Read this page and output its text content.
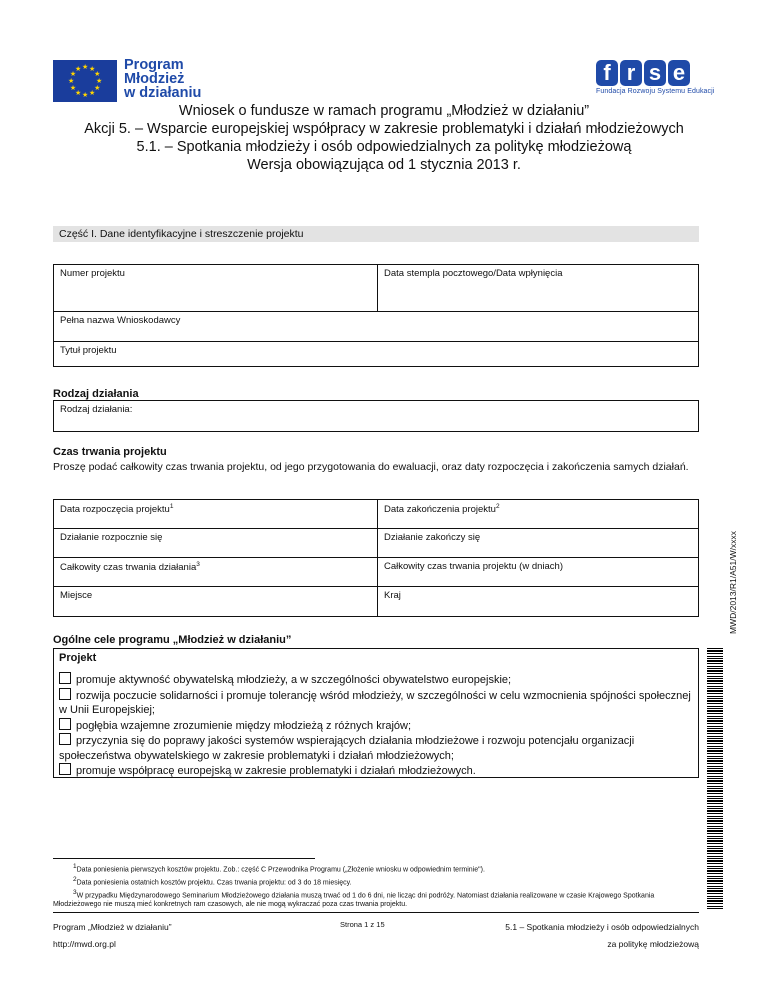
★
★
★
★
★
★
★
★
★ ★ ★
★
Program
Młodzież
w działaniu
f r s e
Fundacja Rozwoju Systemu Edukacji
Wniosek o fundusze w ramach programu „Młodzież w działaniu”
Akcji 5. – Wsparcie europejskiej współpracy w zakresie problematyki i działań młodzieżowych
5.1. – Spotkania młodzieży i osób odpowiedzialnych za politykę młodzieżową
Wersja obowiązująca od 1 stycznia 2013 r.
Część I. Dane identyfikacyjne i streszczenie projektu
Numer projektu	Data stempla pocztowego/Data wpłynięcia
Pełna nazwa Wnioskodawcy
Tytuł projektu
Rodzaj działania
Rodzaj działania:
Czas trwania projektu
Proszę podać całkowity czas trwania projektu, od jego przygotowania do ewaluacji, oraz daty rozpoczęcia i zakończenia samych działań.
Data rozpoczęcia projektu$^1$	Data zakończenia projektu$^2$
Działanie rozpocznie się	Działanie zakończy się
Całkowity czas trwania działania$^3$	Całkowity czas trwania projektu (w dniach)
Miejsce	Kraj
Ogólne cele programu „Młodzież w działaniu”
Projekt
promuje aktywność obywatelską młodzieży, a w szczególności obywatelstwo europejskie;
rozwija poczucie solidarności i promuje tolerancję wśród młodzieży, w szczególności w celu wzmocnienia spójności społecznej w Unii Europejskiej;
pogłębia wzajemne zrozumienie między młodzieżą z różnych krajów;
przyczynia się do poprawy jakości systemów wspierających działania młodzieżowe i rozwoju potencjału organizacji społeczeństwa obywatelskiego w zakresie problematyki i działań młodzieżowych;
promuje współpracę europejską w zakresie problematyki i działań młodzieżowych.
$^1$Data poniesienia pierwszych kosztów projektu. Zob.: część C Przewodnika Programu („Złożenie wniosku w odpowiednim terminie").
$^2$Data poniesienia ostatnich kosztów projektu. Czas trwania projektu: od 3 do 18 miesięcy.
$^3$W przypadku Międzynarodowego Seminarium Młodzieżowego działania muszą trwać od 1 do 6 dni, nie licząc dni podróży. Natomiast działania realizowane w czasie Krajowego Spotkania Młodzieżowego nie muszą mieć konkretnych ram czasowych, ale nie mogą wykraczać poza czas trwania projektu.
Program „Młodzież w działaniu”
http://mwd.org.pl
Strona 1 z 15	5.1 – Spotkania młodzieży i osób odpowiedzialnych
za politykę młodzieżową
MWD/2013/R1/A51/W/xxxx
